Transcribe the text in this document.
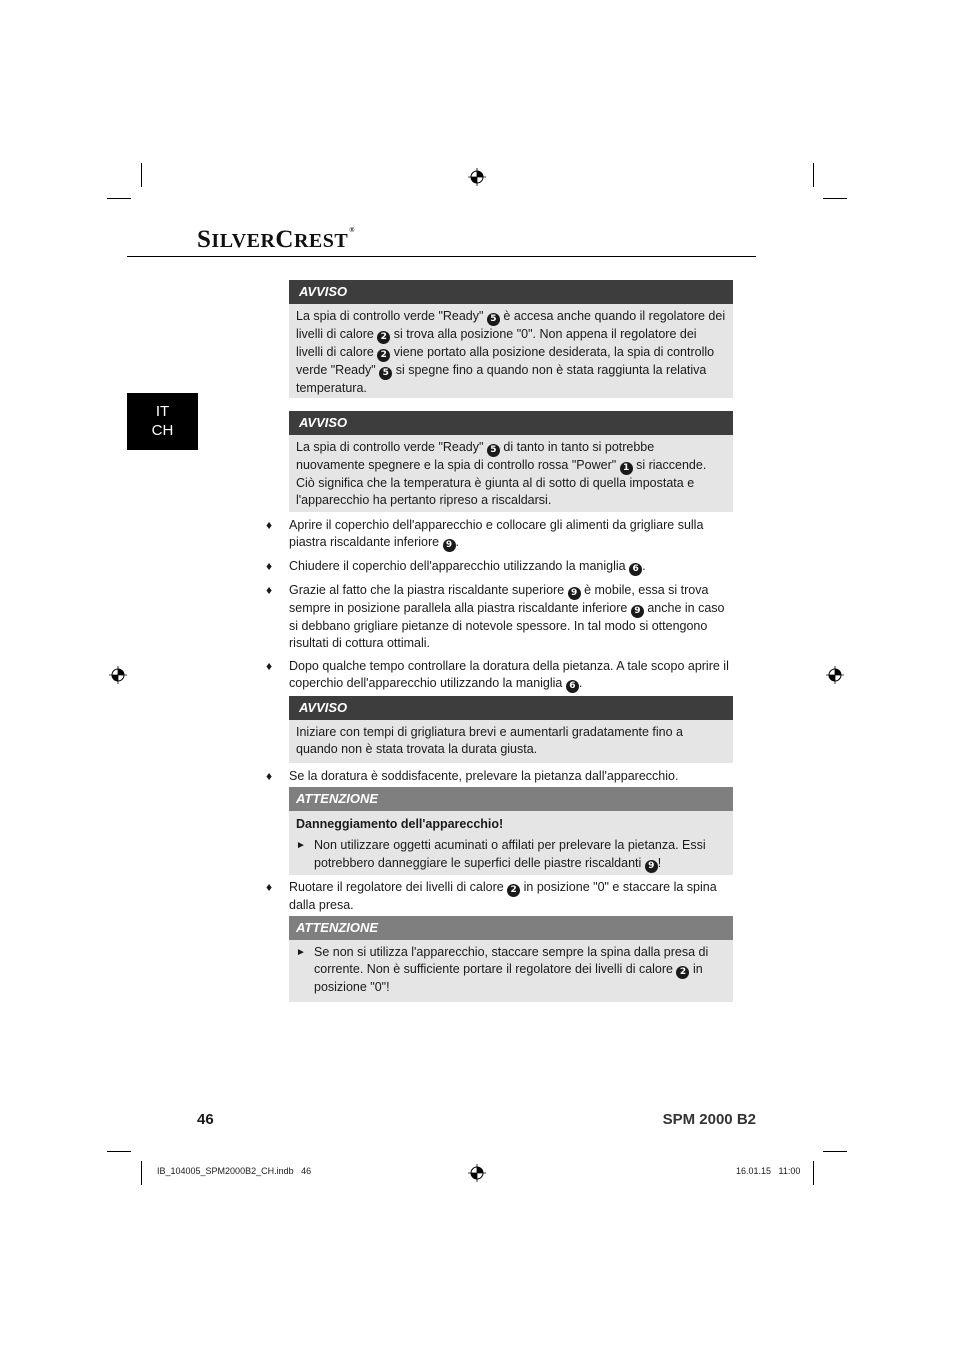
SILVERCREST®
IT
CH
AVVISO
La spia di controllo verde "Ready" 5 è accesa anche quando il regolatore dei livelli di calore 2 si trova alla posizione "0". Non appena il regolatore dei livelli di calore 2 viene portato alla posizione desiderata, la spia di controllo verde "Ready" 5 si spegne fino a quando non è stata raggiunta la relativa temperatura.
AVVISO
La spia di controllo verde "Ready" 5 di tanto in tanto si potrebbe nuovamente spegnere e la spia di controllo rossa "Power" 1 si riaccende.
Ciò significa che la temperatura è giunta al di sotto di quella impostata e l'apparecchio ha pertanto ripreso a riscaldarsi.
♦ Aprire il coperchio dell'apparecchio e collocare gli alimenti da grigliare sulla piastra riscaldante inferiore 9 .
♦ Chiudere il coperchio dell'apparecchio utilizzando la maniglia 6 .
♦ Grazie al fatto che la piastra riscaldante superiore 9 è mobile, essa si trova sempre in posizione parallela alla piastra riscaldante inferiore 9 anche in caso si debbano grigliare pietanze di notevole spessore. In tal modo si ottengono risultati di cottura ottimali.
♦ Dopo qualche tempo controllare la doratura della pietanza. A tale scopo aprire il coperchio dell'apparecchio utilizzando la maniglia 6 .
AVVISO
Iniziare con tempi di grigliatura brevi e aumentarli gradatamente fino a quando non è stata trovata la durata giusta.
♦ Se la doratura è soddisfacente, prelevare la pietanza dall'apparecchio.
ATTENZIONE
Danneggiamento dell'apparecchio!
► Non utilizzare oggetti acuminati o affilati per prelevare la pietanza. Essi potrebbero danneggiare le superfici delle piastre riscaldanti 9 !
♦ Ruotare il regolatore dei livelli di calore 2 in posizione "0" e staccare la spina dalla presa.
ATTENZIONE
► Se non si utilizza l'apparecchio, staccare sempre la spina dalla presa di corrente. Non è sufficiente portare il regolatore dei livelli di calore 2 in posizione "0"!
46	SPM 2000 B2
IB_104005_SPM2000B2_CH.indb   46	16.01.15   11:00
